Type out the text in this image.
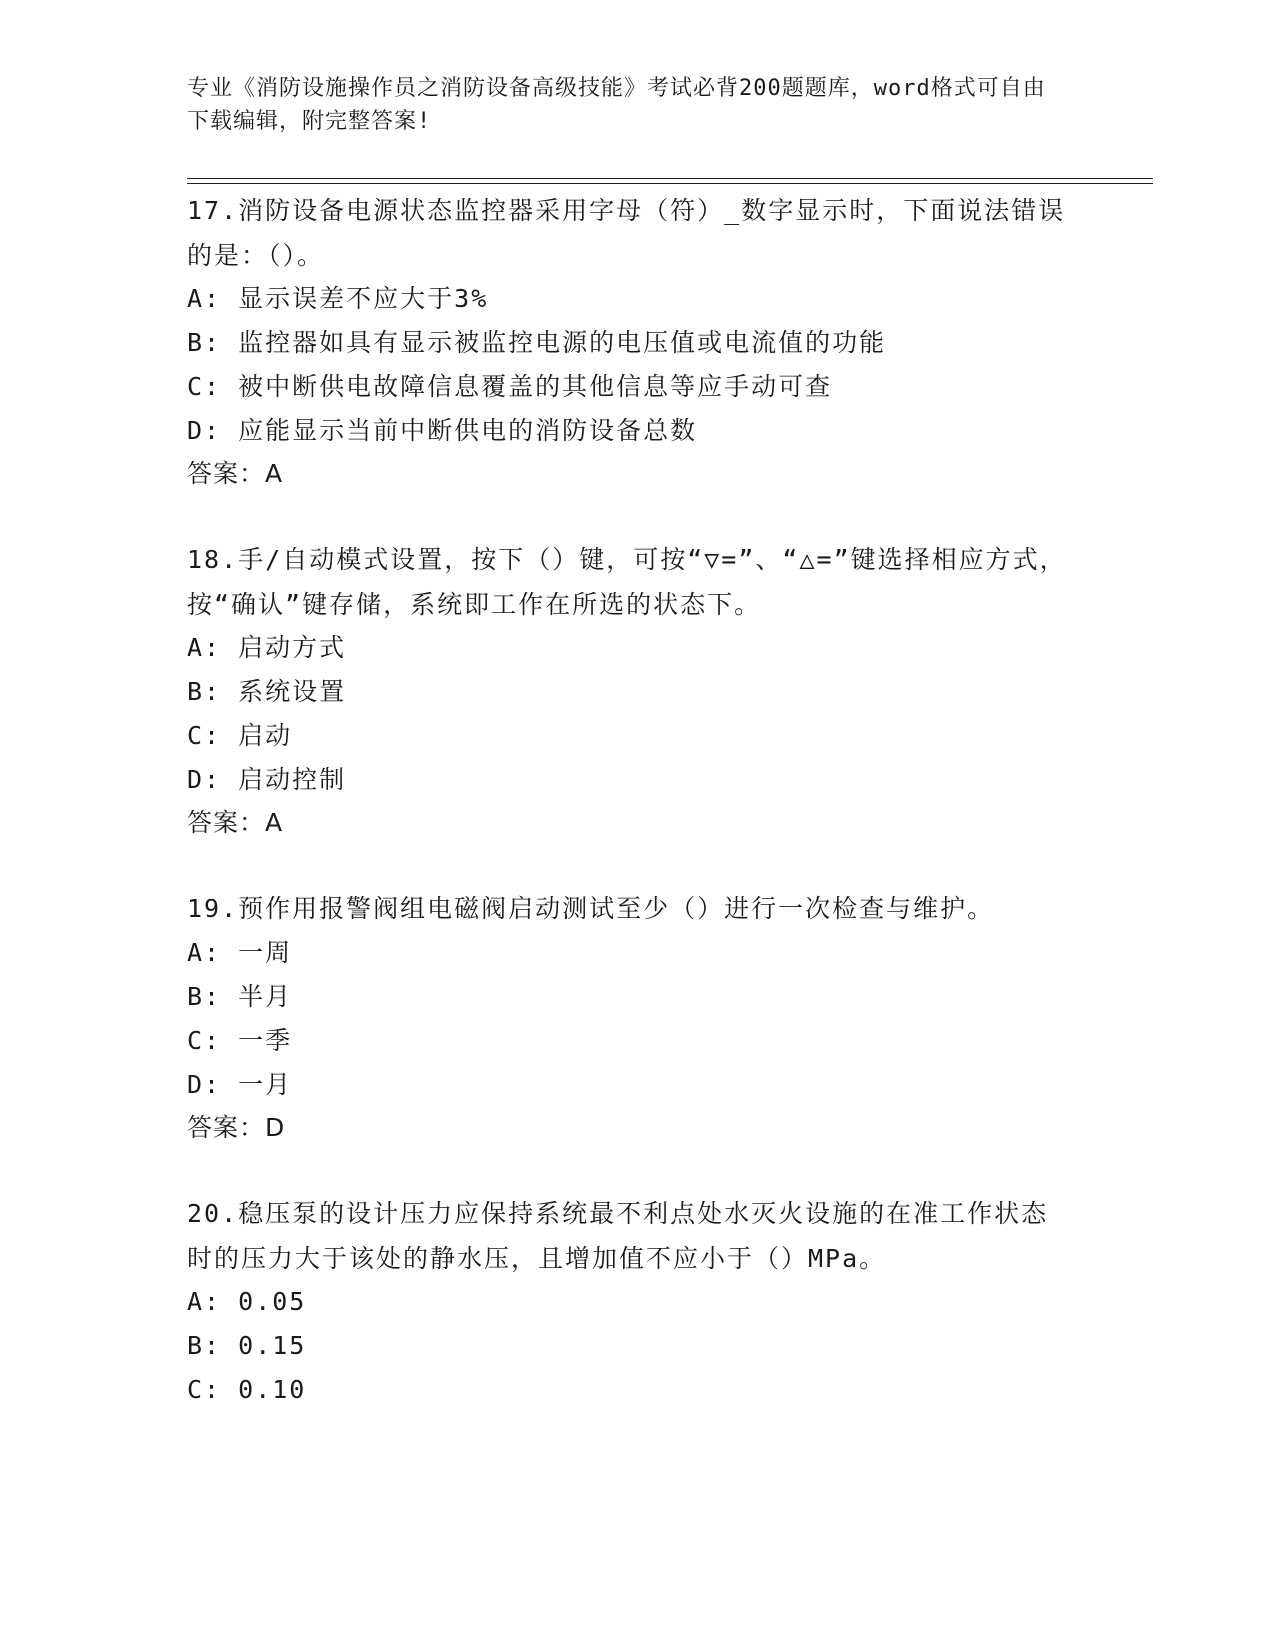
专业《消防设施操作员之消防设备高级技能》考试必背200题题库，word格式可自由下载编辑，附完整答案!
17.消防设备电源状态监控器采用字母（符）_数字显示时，下面说法错误的是：（）。
A: 显示误差不应大于3%
B: 监控器如具有显示被监控电源的电压值或电流值的功能
C: 被中断供电故障信息覆盖的其他信息等应手动可查
D: 应能显示当前中断供电的消防设备总数
答案：A
18.手/自动模式设置，按下（）键，可按“▽=”、“△=”键选择相应方式，按“确认”键存储，系统即工作在所选的状态下。
A: 启动方式
B: 系统设置
C: 启动
D: 启动控制
答案：A
19.预作用报警阀组电磁阀启动测试至少（）进行一次检查与维护。
A: 一周
B: 半月
C: 一季
D: 一月
答案：D
20.稳压泵的设计压力应保持系统最不利点处水灭火设施的在准工作状态时的压力大于该处的静水压，且增加值不应小于（）MPa。
A: 0.05
B: 0.15
C: 0.10
